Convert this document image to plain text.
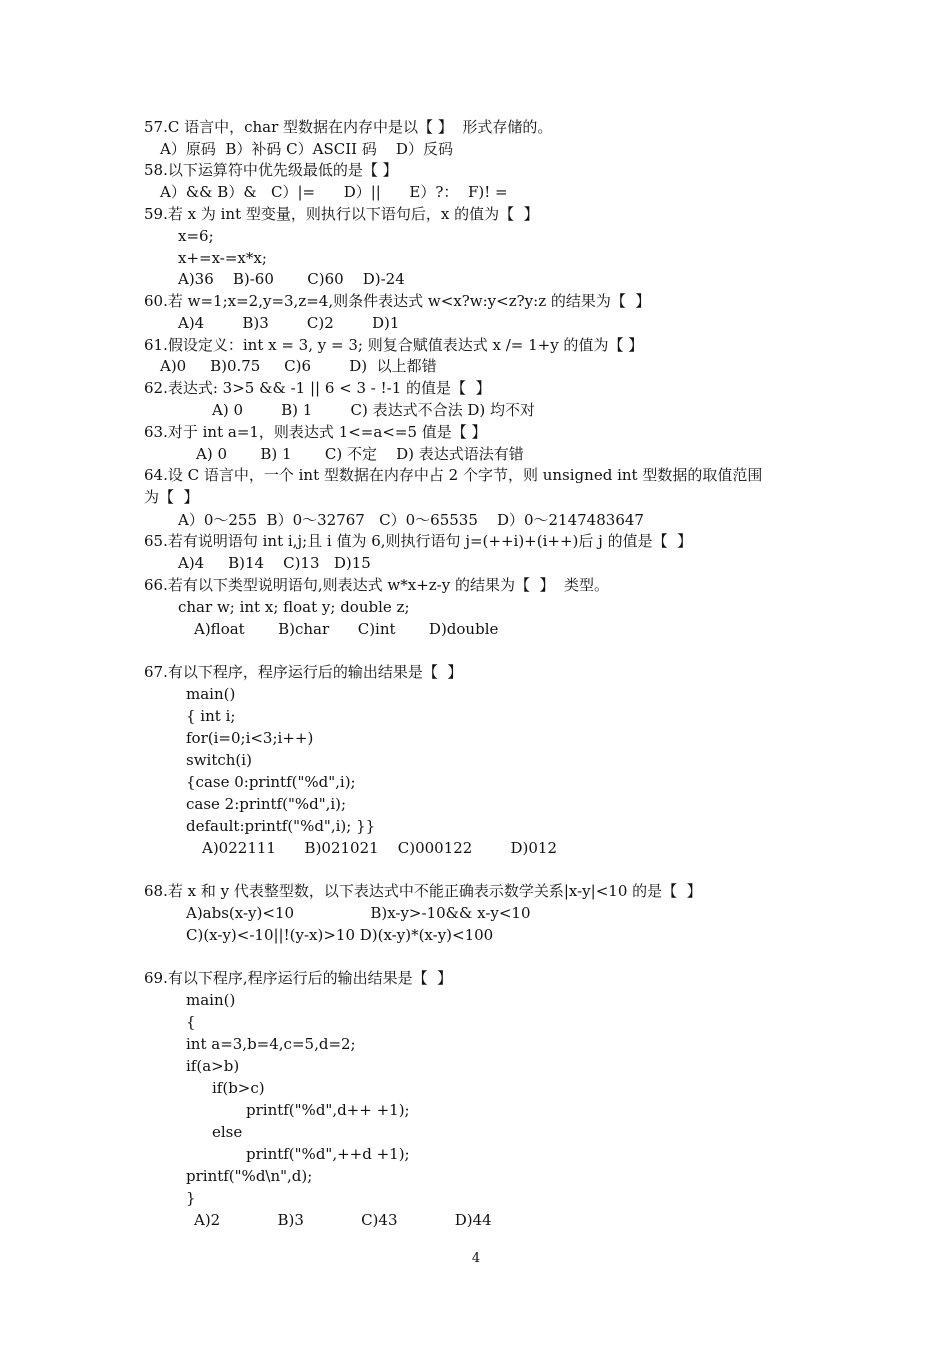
57.C 语言中，char 型数据在内存中是以【 】  形式存储的。
A）原码  B）补码 C）ASCII 码    D）反码
58.以下运算符中优先级最低的是【 】
A）&& B）&   C）|=      D）||      E）?：  F)! =
59.若 x 为 int 型变量，则执行以下语句后，x 的值为【  】
x=6;
x+=x-=x*x;
A)36    B)-60       C)60    D)-24
60.若 w=1;x=2,y=3,z=4,则条件表达式 w<x?w:y<z?y:z 的结果为【  】
A)4        B)3        C)2        D)1
61.假设定义：int x = 3, y = 3; 则复合赋值表达式 x /= 1+y 的值为【 】
A)0     B)0.75     C)6        D)  以上都错
62.表达式: 3>5 && -1 || 6 < 3 - !-1 的值是【  】
A) 0        B) 1        C) 表达式不合法 D) 均不对
63.对于 int a=1，则表达式 1<=a<=5 值是【 】
A) 0       B) 1       C) 不定    D) 表达式语法有错
64.设 C 语言中，一个 int 型数据在内存中占 2 个字节，则 unsigned int 型数据的取值范围
为【  】
A）0～255  B）0～32767   C）0～65535    D）0～2147483647
65.若有说明语句 int i,j;且 i 值为 6,则执行语句 j=(++i)+(i++)后 j 的值是【  】
A)4     B)14    C)13   D)15
66.若有以下类型说明语句,则表达式 w*x+z-y 的结果为【  】  类型。
char w; int x; float y; double z;
A)float       B)char      C)int       D)double
67.有以下程序，程序运行后的输出结果是【  】
main()
{ int i;
for(i=0;i<3;i++)
switch(i)
{case 0:printf("%d",i);
case 2:printf("%d",i);
default:printf("%d",i); }}
A)022111      B)021021    C)000122        D)012
68.若 x 和 y 代表整型数，以下表达式中不能正确表示数学关系|x-y|<10 的是【  】
A)abs(x-y)<10                B)x-y>-10&& x-y<10
C)(x-y)<-10||!(y-x)>10 D)(x-y)*(x-y)<100
69.有以下程序,程序运行后的输出结果是【  】
main()
{
int a=3,b=4,c=5,d=2;
if(a>b)
if(b>c)
printf("%d",d++ +1);
else
printf("%d",++d +1);
printf("%d\n",d);
}
A)2            B)3            C)43            D)44
4
